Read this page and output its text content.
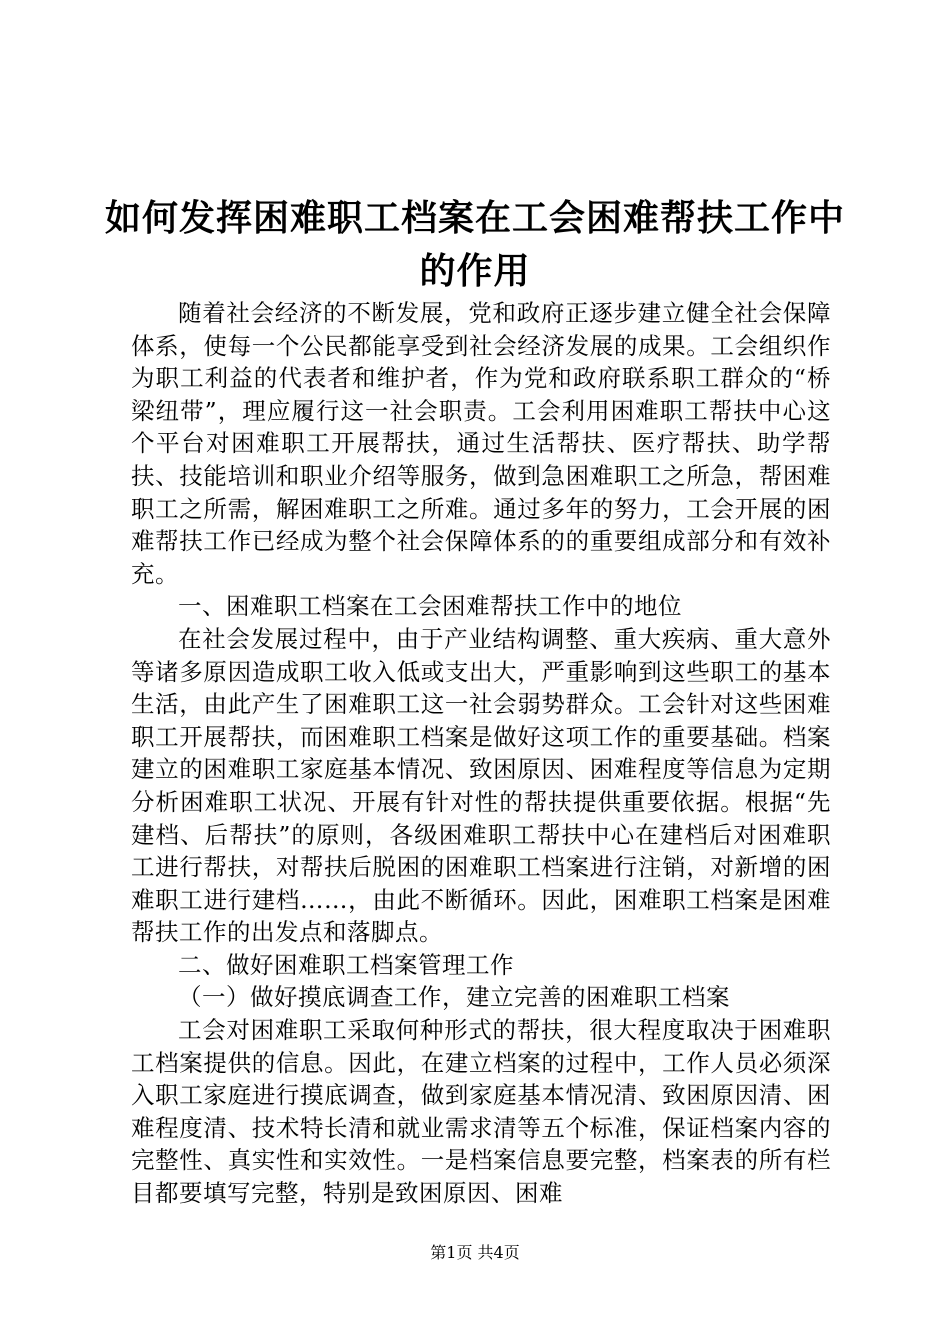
如何发挥困难职工档案在工会困难帮扶工作中
的作用

随着社会经济的不断发展，党和政府正逐步建立健全社会保障体系，使每一个公民都能享受到社会经济发展的成果。工会组织作为职工利益的代表者和维护者，作为党和政府联系职工群众的“桥梁纽带”，理应履行这一社会职责。工会利用困难职工帮扶中心这个平台对困难职工开展帮扶，通过生活帮扶、医疗帮扶、助学帮扶、技能培训和职业介绍等服务，做到急困难职工之所急，帮困难职工之所需，解困难职工之所难。通过多年的努力，工会开展的困难帮扶工作已经成为整个社会保障体系的的重要组成部分和有效补充。

一、困难职工档案在工会困难帮扶工作中的地位

在社会发展过程中，由于产业结构调整、重大疾病、重大意外等诸多原因造成职工收入低或支出大，严重影响到这些职工的基本生活，由此产生了困难职工这一社会弱势群众。工会针对这些困难职工开展帮扶，而困难职工档案是做好这项工作的重要基础。档案建立的困难职工家庭基本情况、致困原因、困难程度等信息为定期分析困难职工状况、开展有针对性的帮扶提供重要依据。根据“先建档、后帮扶”的原则，各级困难职工帮扶中心在建档后对困难职工进行帮扶，对帮扶后脱困的困难职工档案进行注销，对新增的困难职工进行建档……，由此不断循环。因此，困难职工档案是困难帮扶工作的出发点和落脚点。

二、做好困难职工档案管理工作

（一）做好摸底调查工作，建立完善的困难职工档案

工会对困难职工采取何种形式的帮扶，很大程度取决于困难职工档案提供的信息。因此，在建立档案的过程中，工作人员必须深入职工家庭进行摸底调查，做到家庭基本情况清、致困原因清、困难程度清、技术特长清和就业需求清等五个标准，保证档案内容的完整性、真实性和实效性。一是档案信息要完整，档案表的所有栏目都要填写完整，特别是致困原因、困难

第1页 共4页
